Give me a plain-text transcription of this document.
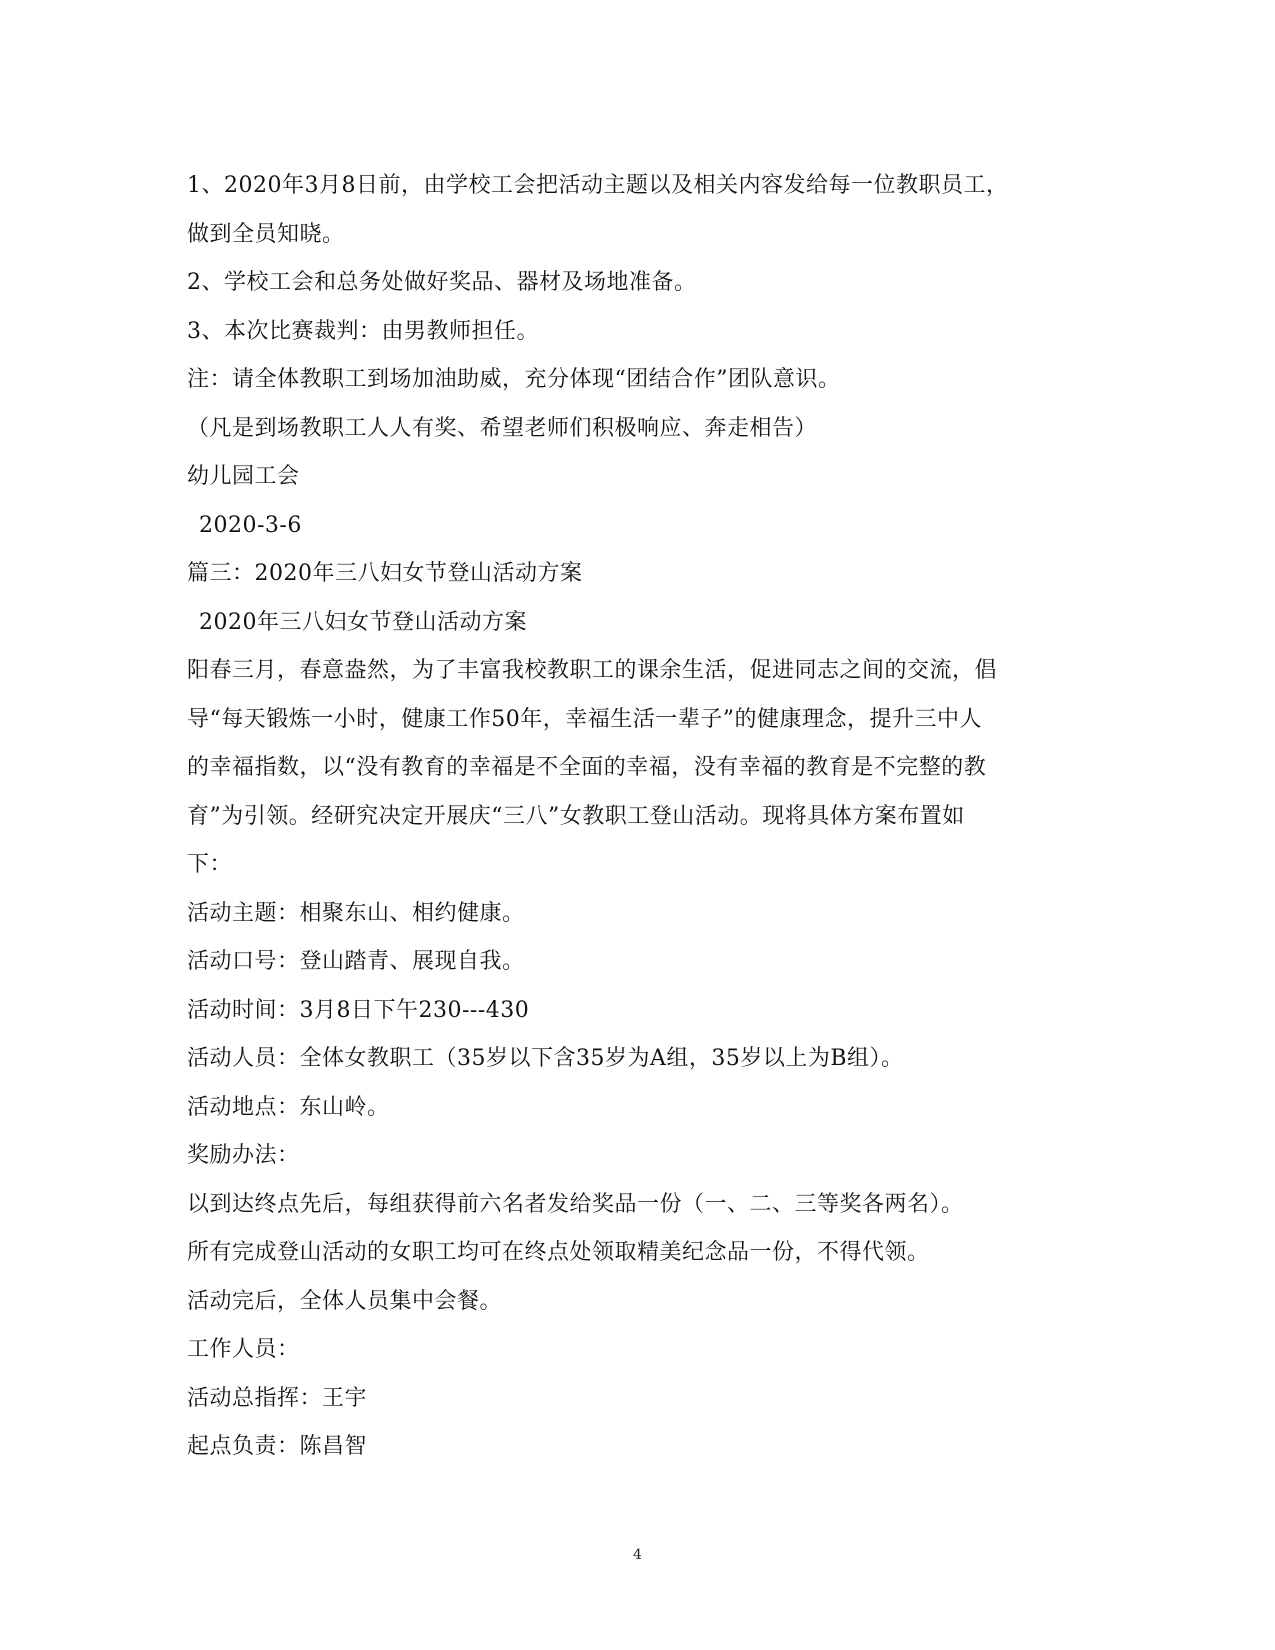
1、2020年3月8日前，由学校工会把活动主题以及相关内容发给每一位教职员工，
做到全员知晓。
2、学校工会和总务处做好奖品、器材及场地准备。
3、本次比赛裁判：由男教师担任。
注：请全体教职工到场加油助威，充分体现“团结合作”团队意识。
（凡是到场教职工人人有奖、希望老师们积极响应、奔走相告）
幼儿园工会
2020-3-6
篇三：2020年三八妇女节登山活动方案
2020年三八妇女节登山活动方案
阳春三月，春意盎然，为了丰富我校教职工的课余生活，促进同志之间的交流，倡
导“每天锻炼一小时，健康工作50年，幸福生活一辈子”的健康理念，提升三中人
的幸福指数，以“没有教育的幸福是不全面的幸福，没有幸福的教育是不完整的教
育”为引领。经研究决定开展庆“三八”女教职工登山活动。现将具体方案布置如
下：
活动主题：相聚东山、相约健康。
活动口号：登山踏青、展现自我。
活动时间：3月8日下午230---430
活动人员：全体女教职工（35岁以下含35岁为A组，35岁以上为B组）。
活动地点：东山岭。
奖励办法：
以到达终点先后，每组获得前六名者发给奖品一份（一、二、三等奖各两名）。
所有完成登山活动的女职工均可在终点处领取精美纪念品一份，不得代领。
活动完后，全体人员集中会餐。
工作人员：
活动总指挥：王宇
起点负责：陈昌智
4
